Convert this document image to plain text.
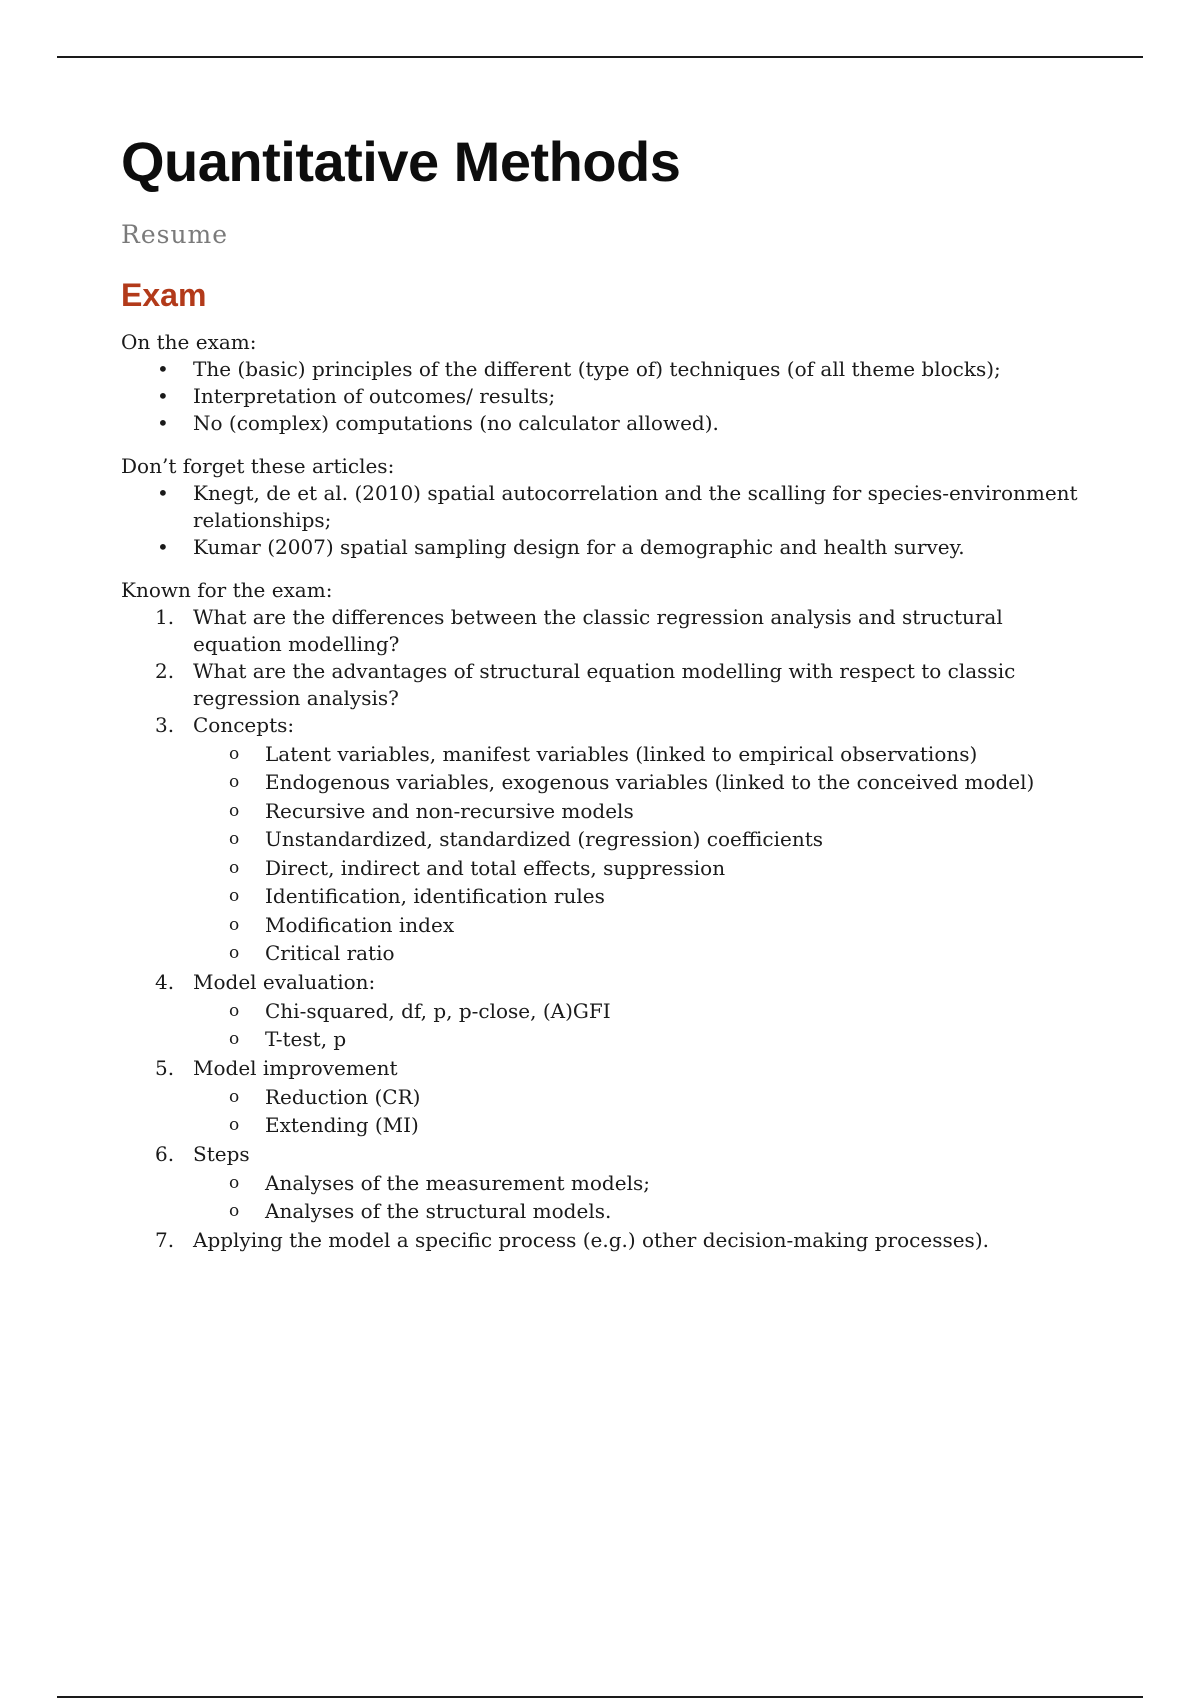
Quantitative Methods
Resume
Exam
On the exam:
• The (basic) principles of the different (type of) techniques (of all theme blocks);
• Interpretation of outcomes/ results;
• No (complex) computations (no calculator allowed).
Don’t forget these articles:
• Knegt, de et al. (2010) spatial autocorrelation and the scalling for species-environment relationships;
• Kumar (2007) spatial sampling design for a demographic and health survey.
Known for the exam:
1. What are the differences between the classic regression analysis and structural equation modelling?
2. What are the advantages of structural equation modelling with respect to classic regression analysis?
3. Concepts:
o Latent variables, manifest variables (linked to empirical observations)
o Endogenous variables, exogenous variables (linked to the conceived model)
o Recursive and non-recursive models
o Unstandardized, standardized (regression) coefficients
o Direct, indirect and total effects, suppression
o Identification, identification rules
o Modification index
o Critical ratio
4. Model evaluation:
o Chi-squared, df, p, p-close, (A)GFI
o T-test, p
5. Model improvement
o Reduction (CR)
o Extending (MI)
6. Steps
o Analyses of the measurement models;
o Analyses of the structural models.
7. Applying the model a specific process (e.g.) other decision-making processes).
